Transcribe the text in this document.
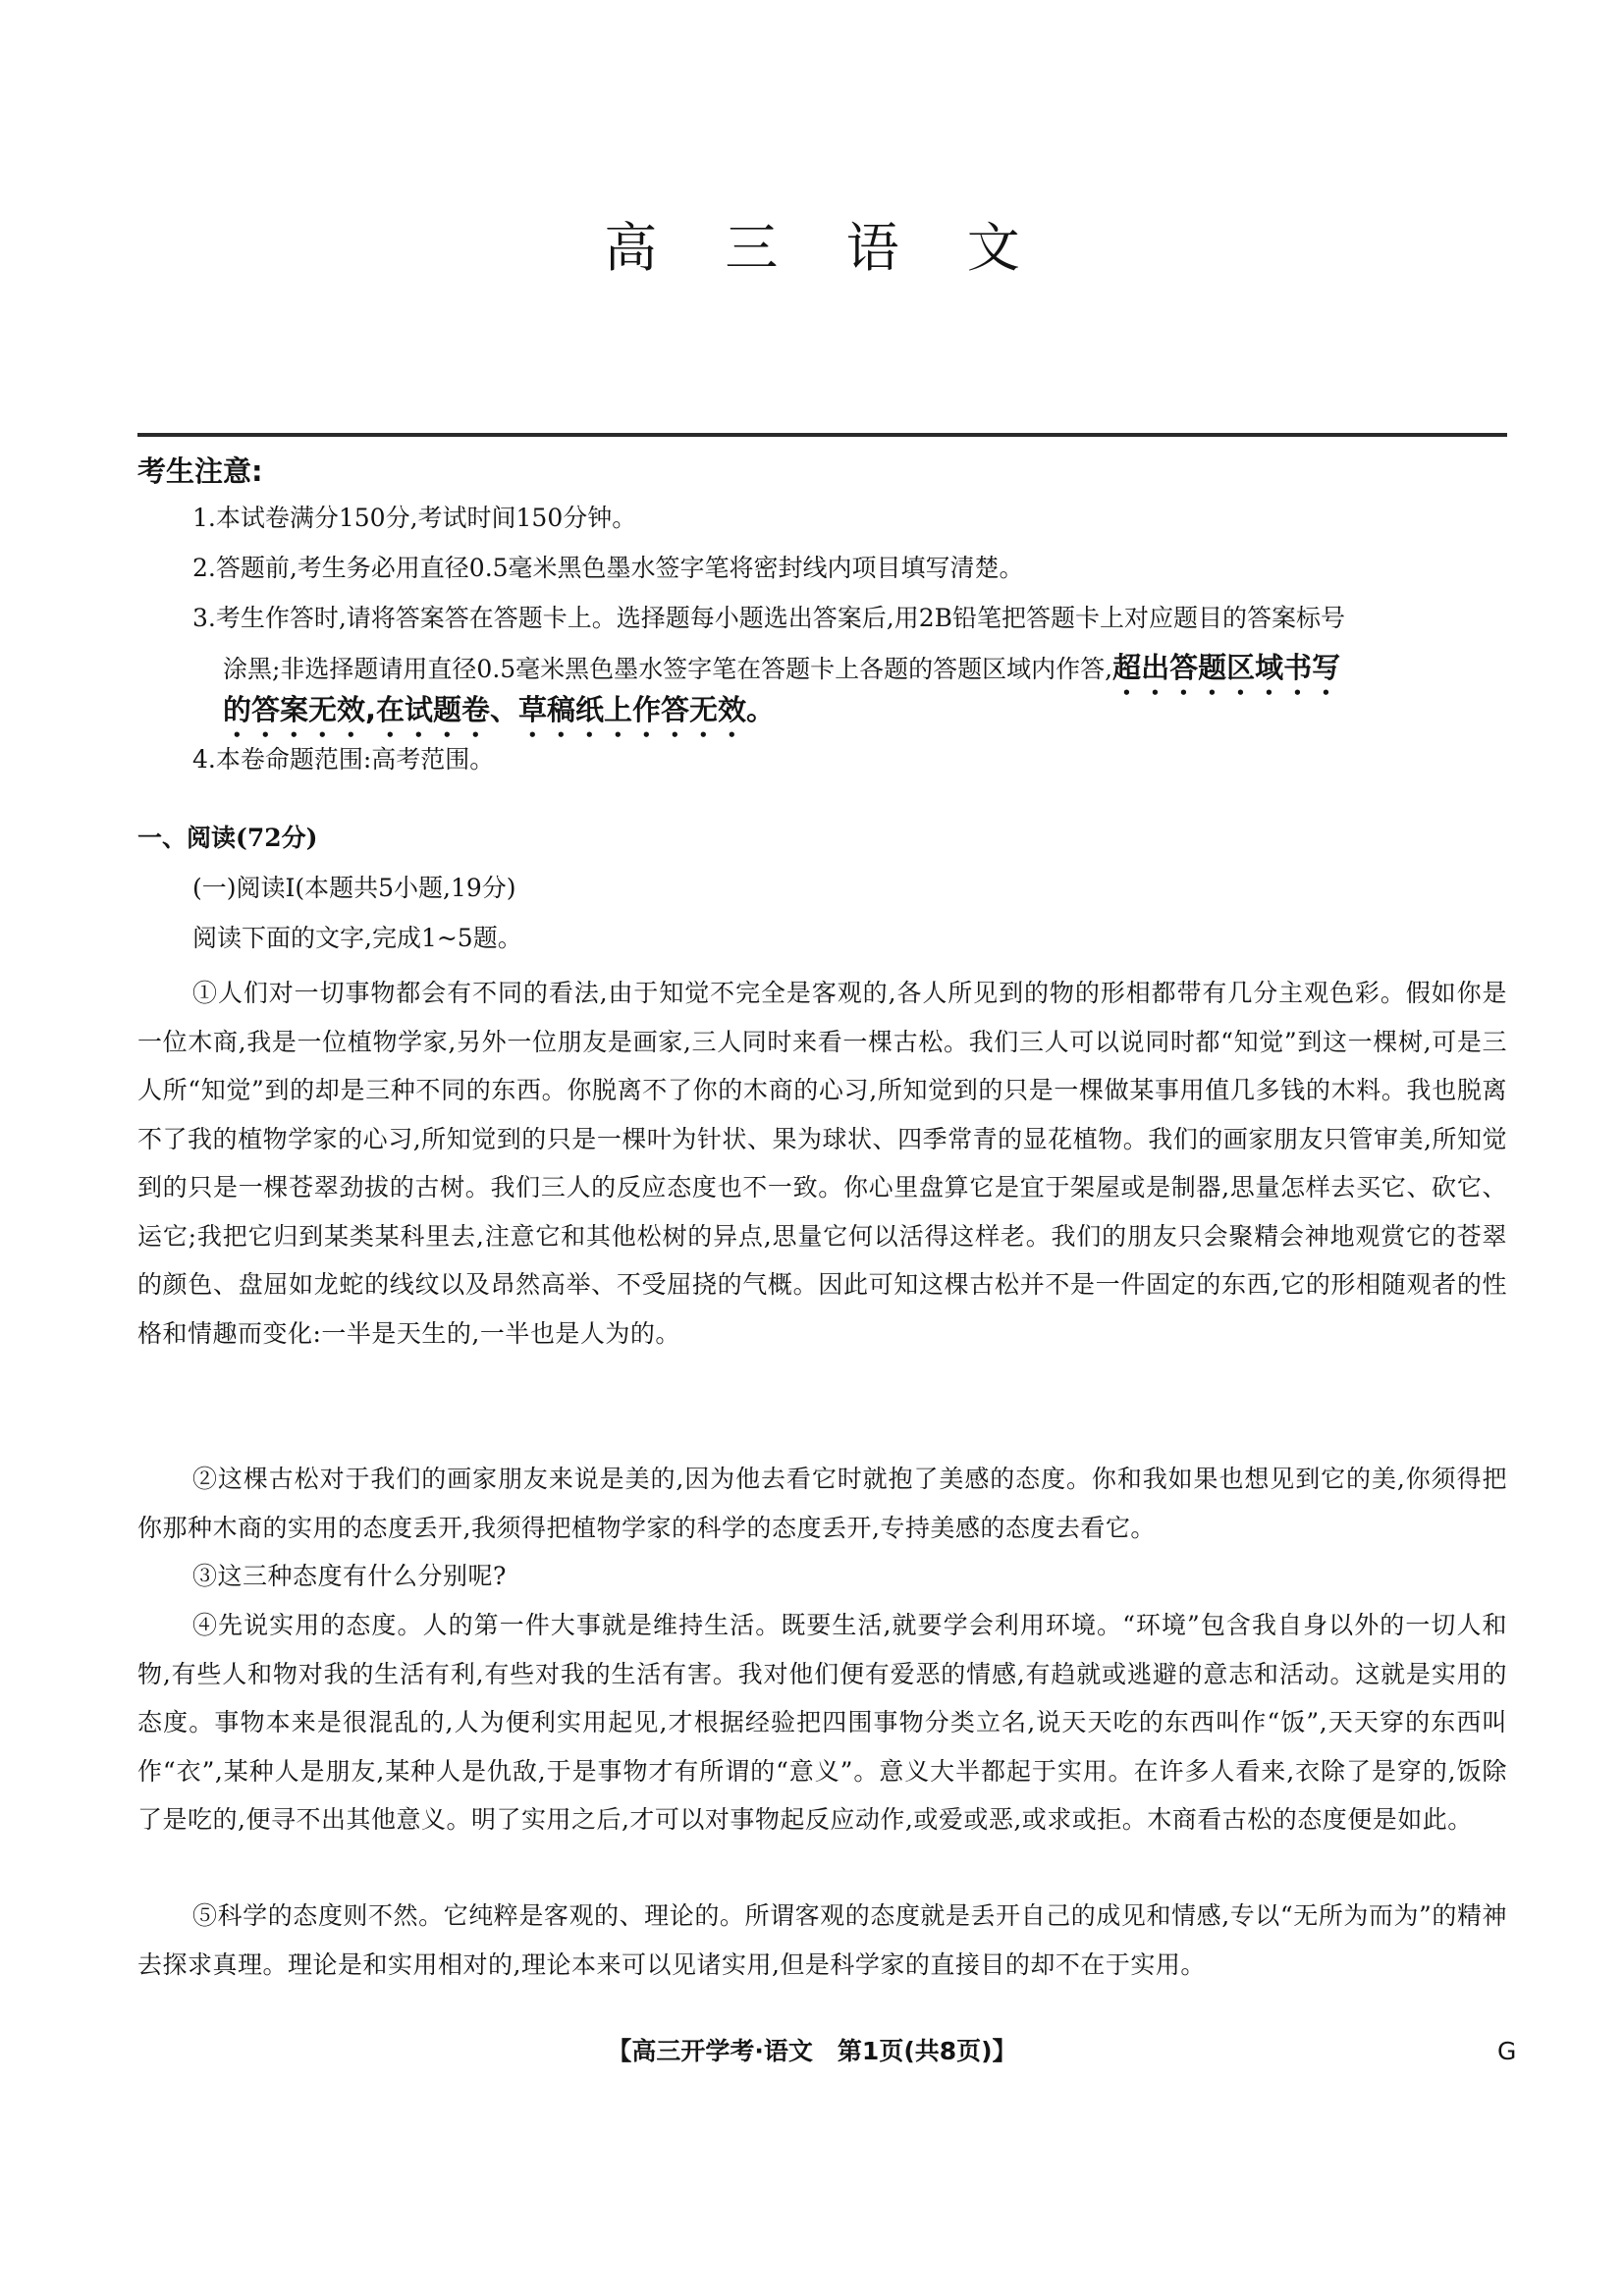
高 三 语 文
考生注意:
1.本试卷满分150分,考试时间150分钟。
2.答题前,考生务必用直径0.5毫米黑色墨水签字笔将密封线内项目填写清楚。
3.考生作答时,请将答案答在答题卡上。选择题每小题选出答案后,用2B铅笔把答题卡上对应题目的答案标号
涂黑;非选择题请用直径0.5毫米黑色墨水签字笔在答题卡上各题的答题区域内作答,超出答题区域书写
的答案无效,在试题卷、草稿纸上作答无效。
4.本卷命题范围:高考范围。
一、阅读(72分)
(一)阅读Ⅰ(本题共5小题,19分)
阅读下面的文字,完成1~5题。
①人们对一切事物都会有不同的看法,由于知觉不完全是客观的,各人所见到的物的形相都带有几分主观色彩。假如你是一位木商,我是一位植物学家,另外一位朋友是画家,三人同时来看一棵古松。我们三人可以说同时都“知觉”到这一棵树,可是三人所“知觉”到的却是三种不同的东西。你脱离不了你的木商的心习,所知觉到的只是一棵做某事用值几多钱的木料。我也脱离不了我的植物学家的心习,所知觉到的只是一棵叶为针状、果为球状、四季常青的显花植物。我们的画家朋友只管审美,所知觉到的只是一棵苍翠劲拔的古树。我们三人的反应态度也不一致。你心里盘算它是宜于架屋或是制器,思量怎样去买它、砍它、运它;我把它归到某类某科里去,注意它和其他松树的异点,思量它何以活得这样老。我们的朋友只会聚精会神地观赏它的苍翠的颜色、盘屈如龙蛇的线纹以及昂然高举、不受屈挠的气概。因此可知这棵古松并不是一件固定的东西,它的形相随观者的性格和情趣而变化:一半是天生的,一半也是人为的。
②这棵古松对于我们的画家朋友来说是美的,因为他去看它时就抱了美感的态度。你和我如果也想见到它的美,你须得把你那种木商的实用的态度丢开,我须得把植物学家的科学的态度丢开,专持美感的态度去看它。
③这三种态度有什么分别呢?
④先说实用的态度。人的第一件大事就是维持生活。既要生活,就要学会利用环境。“环境”包含我自身以外的一切人和物,有些人和物对我的生活有利,有些对我的生活有害。我对他们便有爱恶的情感,有趋就或逃避的意志和活动。这就是实用的态度。事物本来是很混乱的,人为便利实用起见,才根据经验把四围事物分类立名,说天天吃的东西叫作“饭”,天天穿的东西叫作“衣”,某种人是朋友,某种人是仇敌,于是事物才有所谓的“意义”。意义大半都起于实用。在许多人看来,衣除了是穿的,饭除了是吃的,便寻不出其他意义。明了实用之后,才可以对事物起反应动作,或爱或恶,或求或拒。木商看古松的态度便是如此。
⑤科学的态度则不然。它纯粹是客观的、理论的。所谓客观的态度就是丢开自己的成见和情感,专以“无所为而为”的精神去探求真理。理论是和实用相对的,理论本来可以见诸实用,但是科学家的直接目的却不在于实用。
【高三开学考·语文　第1页(共8页)】	G
